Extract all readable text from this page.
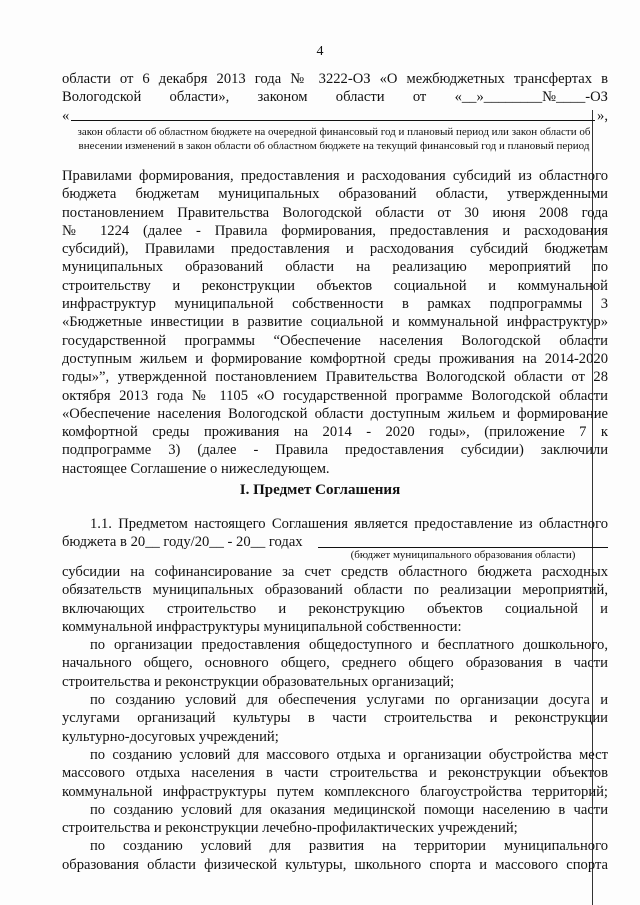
4
области от 6 декабря 2013 года № 3222-ОЗ «О межбюджетных трансфертах в
Вологодской области», законом области от «__»________№____-ОЗ
«	»,
закон области об областном бюджете на очередной финансовый год и плановый период или закон области об внесении изменений в закон области об областном бюджете на текущий финансовый год и плановый период
Правилами формирования, предоставления и расходования субсидий из областного
бюджета бюджетам муниципальных образований области, утвержденными
постановлением Правительства Вологодской области от 30 июня 2008 года
№ 1224 (далее - Правила формирования, предоставления и расходования
субсидий), Правилами предоставления и расходования субсидий бюджетам
муниципальных образований области на реализацию мероприятий по
строительству и реконструкции объектов социальной и коммунальной
инфраструктур муниципальной собственности в рамках подпрограммы 3
«Бюджетные инвестиции в развитие социальной и коммунальной инфраструктур»
государственной программы “Обеспечение населения Вологодской области
доступным жильем и формирование комфортной среды проживания на 2014-2020
годы»”, утвержденной постановлением Правительства Вологодской области от 28
октября 2013 года № 1105 «О государственной программе Вологодской области
«Обеспечение населения Вологодской области доступным жильем и формирование
комфортной среды проживания на 2014 - 2020 годы», (приложение 7 к
подпрограмме 3) (далее - Правила предоставления субсидии) заключили
настоящее Соглашение о нижеследующем.
I. Предмет Соглашения
1.1. Предметом настоящего Соглашения является предоставление из областного
бюджета в 20__ году/20__ - 20__ годах
(бюджет муниципального образования области)
субсидии на софинансирование за счет средств областного бюджета расходных
обязательств муниципальных образований области по реализации мероприятий,
включающих строительство и реконструкцию объектов социальной и
коммунальной инфраструктуры муниципальной собственности:
по организации предоставления общедоступного и бесплатного дошкольного,
начального общего, основного общего, среднего общего образования в части
строительства и реконструкции образовательных организаций;
по созданию условий для обеспечения услугами по организации досуга и
услугами организаций культуры в части строительства и реконструкции
культурно-досуговых учреждений;
по созданию условий для массового отдыха и организации обустройства мест
массового отдыха населения в части строительства и реконструкции объектов
коммунальной инфраструктуры путем комплексного благоустройства территорий;
по созданию условий для оказания медицинской помощи населению в части
строительства и реконструкции лечебно-профилактических учреждений;
по созданию условий для развития на территории муниципального
образования области физической культуры, школьного спорта и массового спорта
